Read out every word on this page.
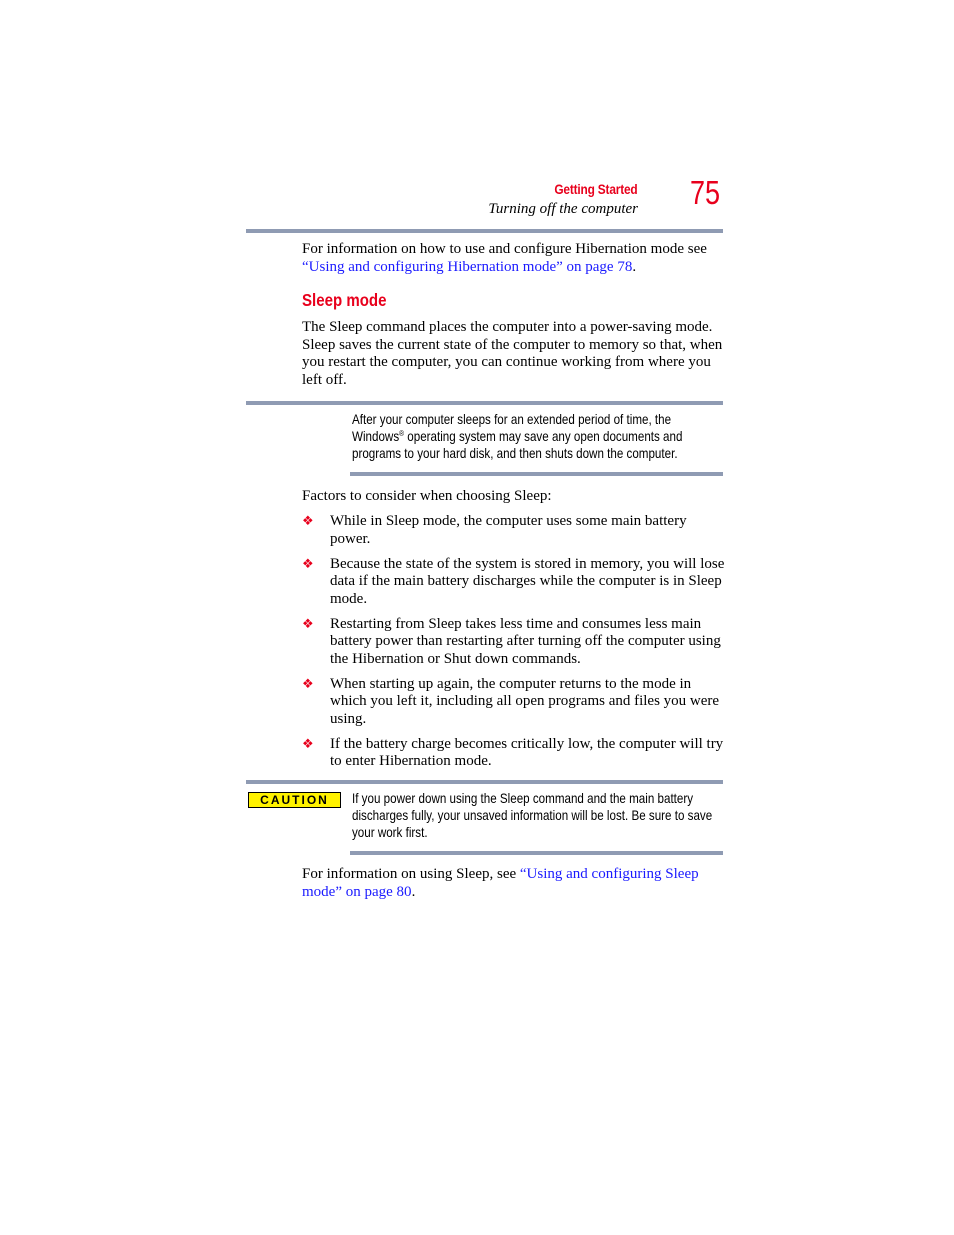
Getting Started
Turning off the computer 75
For information on how to use and configure Hibernation mode see “Using and configuring Hibernation mode” on page 78.
Sleep mode
The Sleep command places the computer into a power-saving mode. Sleep saves the current state of the computer to memory so that, when you restart the computer, you can continue working from where you left off.
After your computer sleeps for an extended period of time, the Windows® operating system may save any open documents and programs to your hard disk, and then shuts down the computer.
Factors to consider when choosing Sleep:
❖ While in Sleep mode, the computer uses some main battery power.
❖ Because the state of the system is stored in memory, you will lose data if the main battery discharges while the computer is in Sleep mode.
❖ Restarting from Sleep takes less time and consumes less main battery power than restarting after turning off the computer using the Hibernation or Shut down commands.
❖ When starting up again, the computer returns to the mode in which you left it, including all open programs and files you were using.
❖ If the battery charge becomes critically low, the computer will try to enter Hibernation mode.
CAUTION	If you power down using the Sleep command and the main battery discharges fully, your unsaved information will be lost. Be sure to save your work first.
For information on using Sleep, see “Using and configuring Sleep mode” on page 80.
